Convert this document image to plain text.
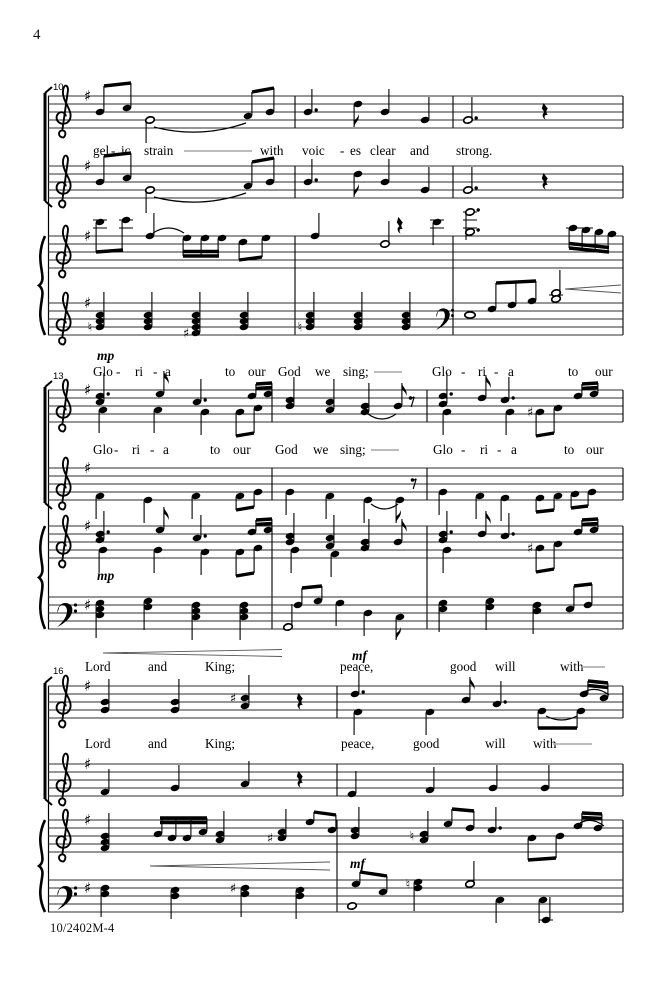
4
10 ♯
♯
♯
♯
♮	♯	♮
gel - ic strain	with voic - es clear and strong.
13
♯
♯
♯
♯
♯
♯
Glo - ri - a	to our God we sing;	Glo - ri - a	to our
Glo - ri - a	to our God we sing;	Glo - ri - a	to our
mp
mp
16
♯
♯
♯
♯
♯	♮
♯	♯	♮
Lord	and	King;	peace,	good will	with
Lord	and	King;	peace,	good	will with
mf
mf
10/2402M-4
